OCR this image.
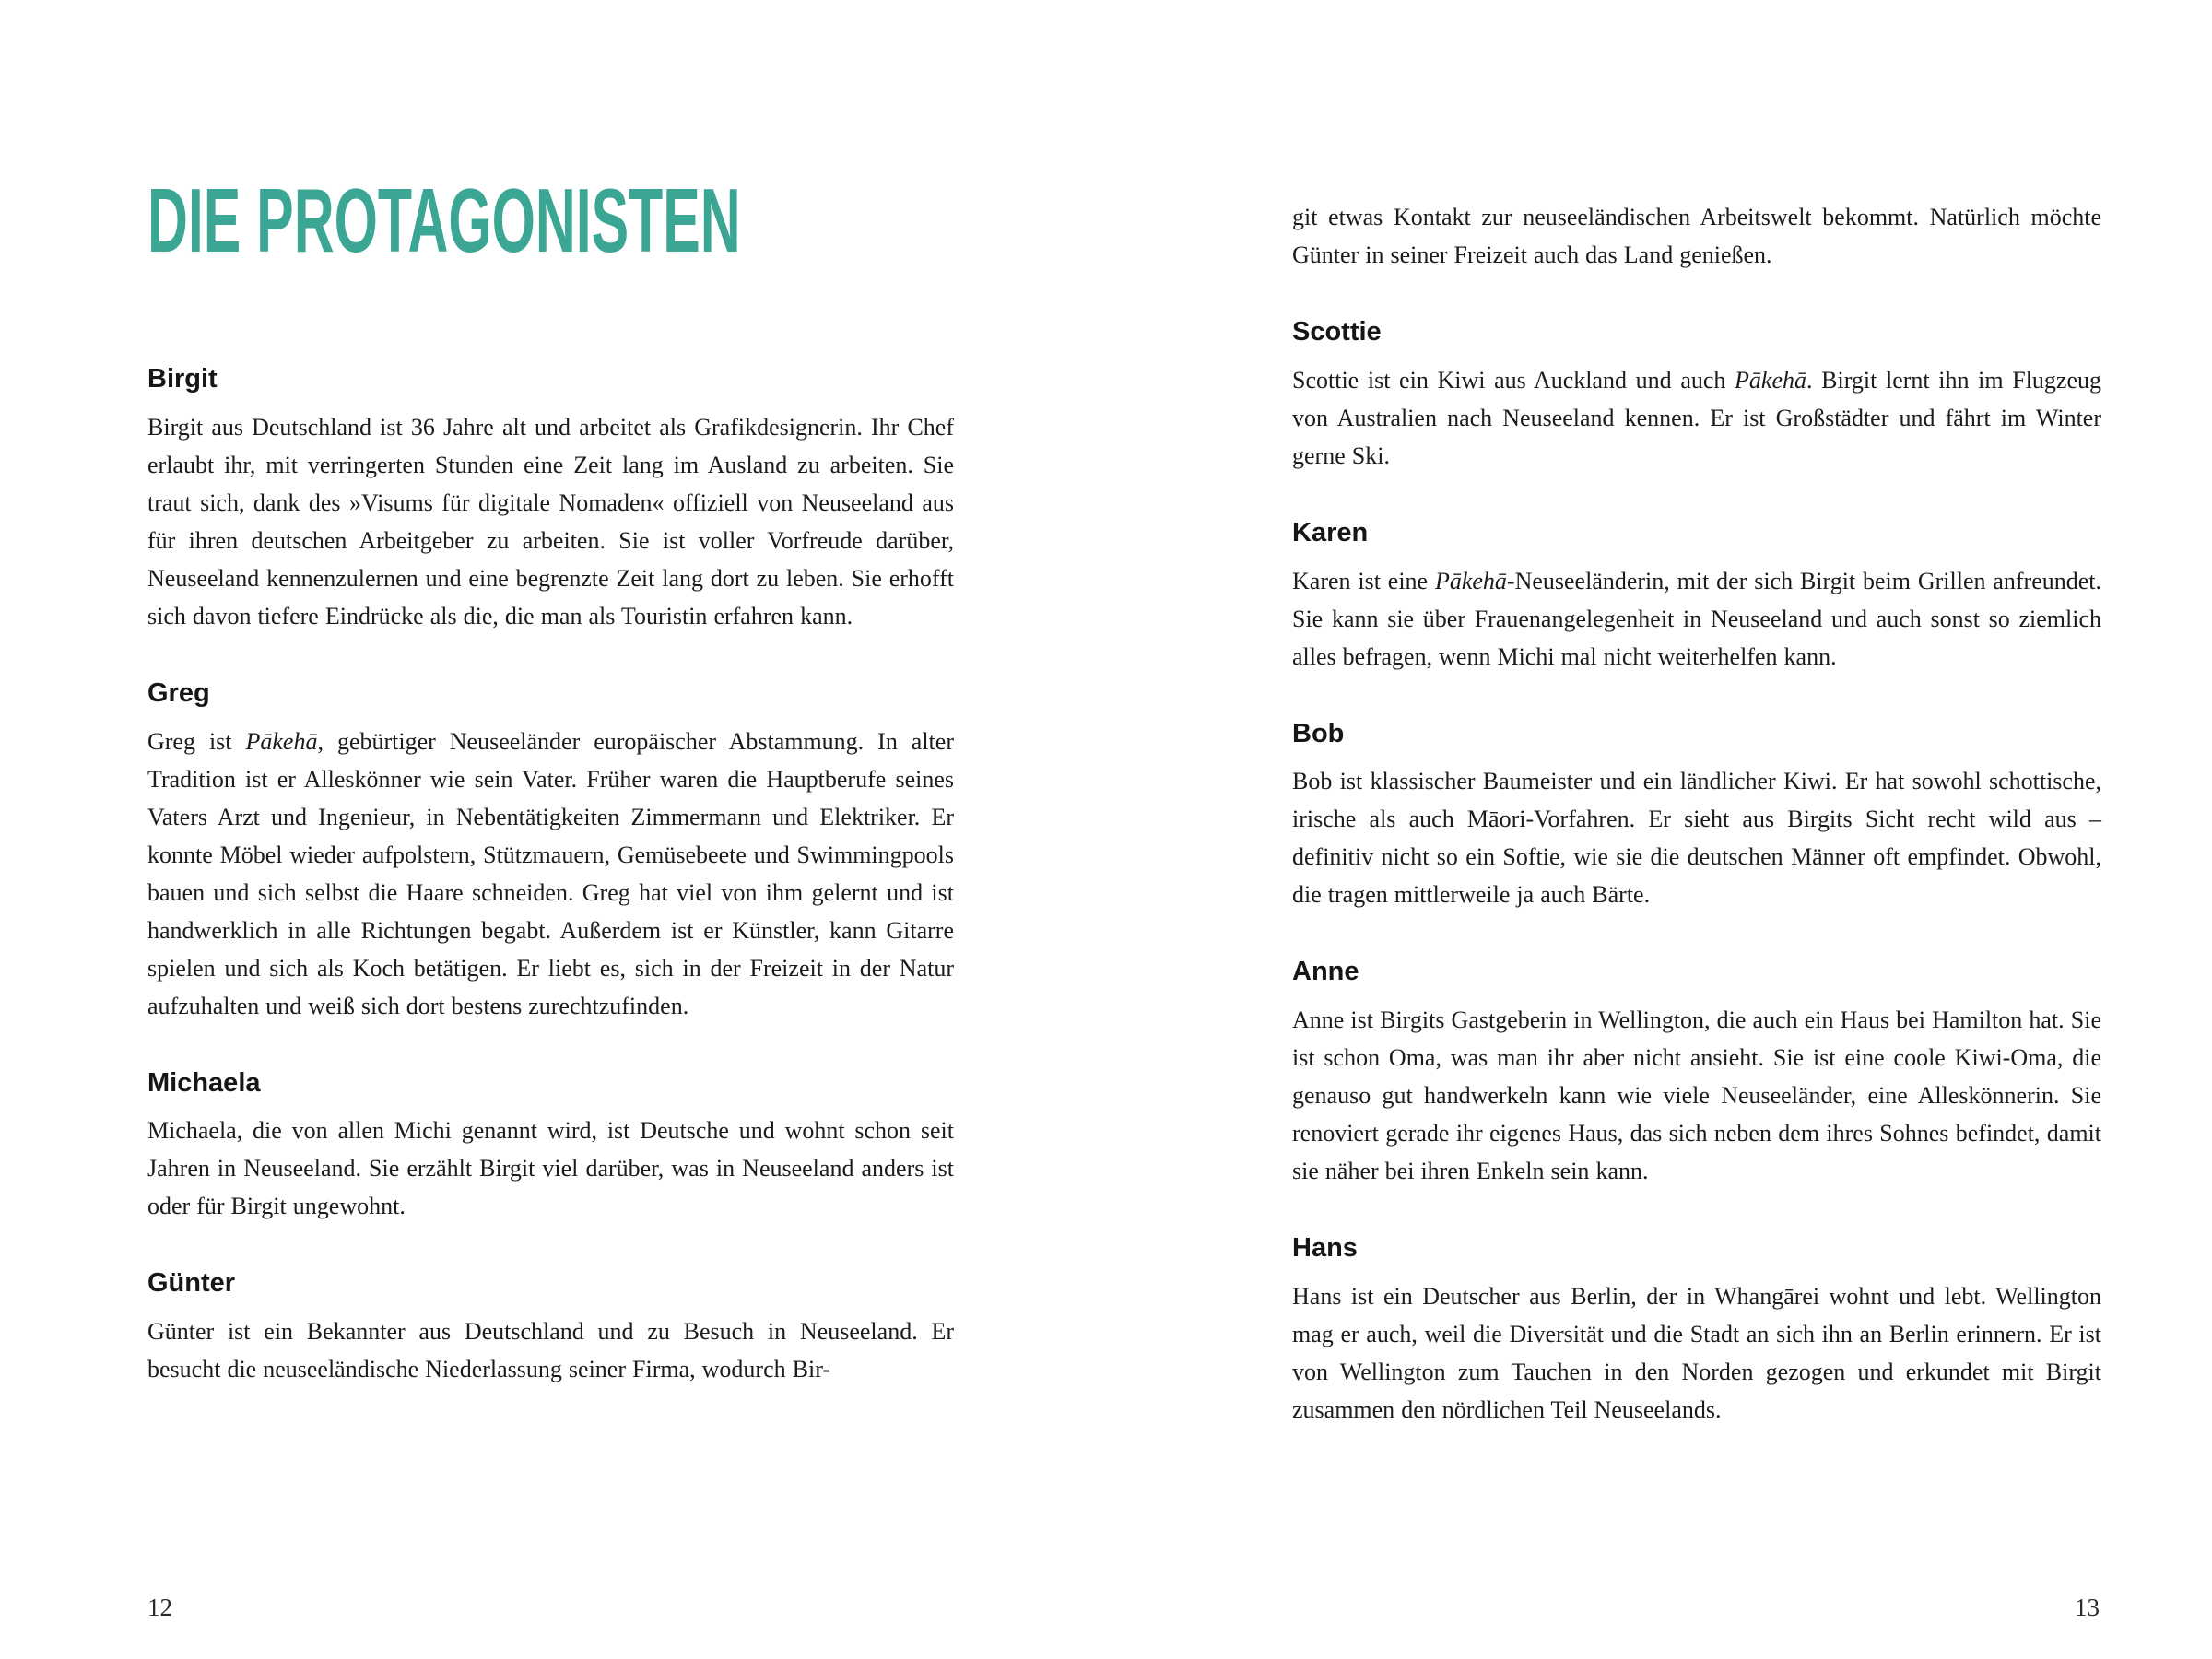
DIE PROTAGONISTEN
Birgit

Birgit aus Deutschland ist 36 Jahre alt und arbeitet als Grafikdesignerin. Ihr Chef erlaubt ihr, mit verringerten Stunden eine Zeit lang im Ausland zu arbeiten. Sie traut sich, dank des »Visums für digitale Nomaden« offiziell von Neuseeland aus für ihren deutschen Arbeitgeber zu arbeiten. Sie ist voller Vorfreude darüber, Neuseeland kennenzulernen und eine begrenzte Zeit lang dort zu leben. Sie erhofft sich davon tiefere Eindrücke als die, die man als Touristin erfahren kann.

Greg

Greg ist Pākehā, gebürtiger Neuseeländer europäischer Abstammung. In alter Tradition ist er Alleskönner wie sein Vater. Früher waren die Hauptberufe seines Vaters Arzt und Ingenieur, in Nebentätigkeiten Zimmermann und Elektriker. Er konnte Möbel wieder aufpolstern, Stützmauern, Gemüsebeete und Swimmingpools bauen und sich selbst die Haare schneiden. Greg hat viel von ihm gelernt und ist handwerklich in alle Richtungen begabt. Außerdem ist er Künstler, kann Gitarre spielen und sich als Koch betätigen. Er liebt es, sich in der Freizeit in der Natur aufzuhalten und weiß sich dort bestens zurechtzufinden.

Michaela

Michaela, die von allen Michi genannt wird, ist Deutsche und wohnt schon seit Jahren in Neuseeland. Sie erzählt Birgit viel darüber, was in Neuseeland anders ist oder für Birgit ungewohnt.

Günter

Günter ist ein Bekannter aus Deutschland und zu Besuch in Neuseeland. Er besucht die neuseeländische Niederlassung seiner Firma, wodurch Bir-

git etwas Kontakt zur neuseeländischen Arbeitswelt bekommt. Natürlich möchte Günter in seiner Freizeit auch das Land genießen.

Scottie

Scottie ist ein Kiwi aus Auckland und auch Pākehā. Birgit lernt ihn im Flugzeug von Australien nach Neuseeland kennen. Er ist Großstädter und fährt im Winter gerne Ski.

Karen

Karen ist eine Pākehā-Neuseeländerin, mit der sich Birgit beim Grillen anfreundet. Sie kann sie über Frauenangelegenheit in Neuseeland und auch sonst so ziemlich alles befragen, wenn Michi mal nicht weiterhelfen kann.

Bob

Bob ist klassischer Baumeister und ein ländlicher Kiwi. Er hat sowohl schottische, irische als auch Māori-Vorfahren. Er sieht aus Birgits Sicht recht wild aus – definitiv nicht so ein Softie, wie sie die deutschen Männer oft empfindet. Obwohl, die tragen mittlerweile ja auch Bärte.

Anne

Anne ist Birgits Gastgeberin in Wellington, die auch ein Haus bei Hamilton hat. Sie ist schon Oma, was man ihr aber nicht ansieht. Sie ist eine coole Kiwi-Oma, die genauso gut handwerkeln kann wie viele Neuseeländer, eine Alleskönnerin. Sie renoviert gerade ihr eigenes Haus, das sich neben dem ihres Sohnes befindet, damit sie näher bei ihren Enkeln sein kann.

Hans

Hans ist ein Deutscher aus Berlin, der in Whangārei wohnt und lebt. Wellington mag er auch, weil die Diversität und die Stadt an sich ihn an Berlin erinnern. Er ist von Wellington zum Tauchen in den Norden gezogen und erkundet mit Birgit zusammen den nördlichen Teil Neuseelands.

12	13
